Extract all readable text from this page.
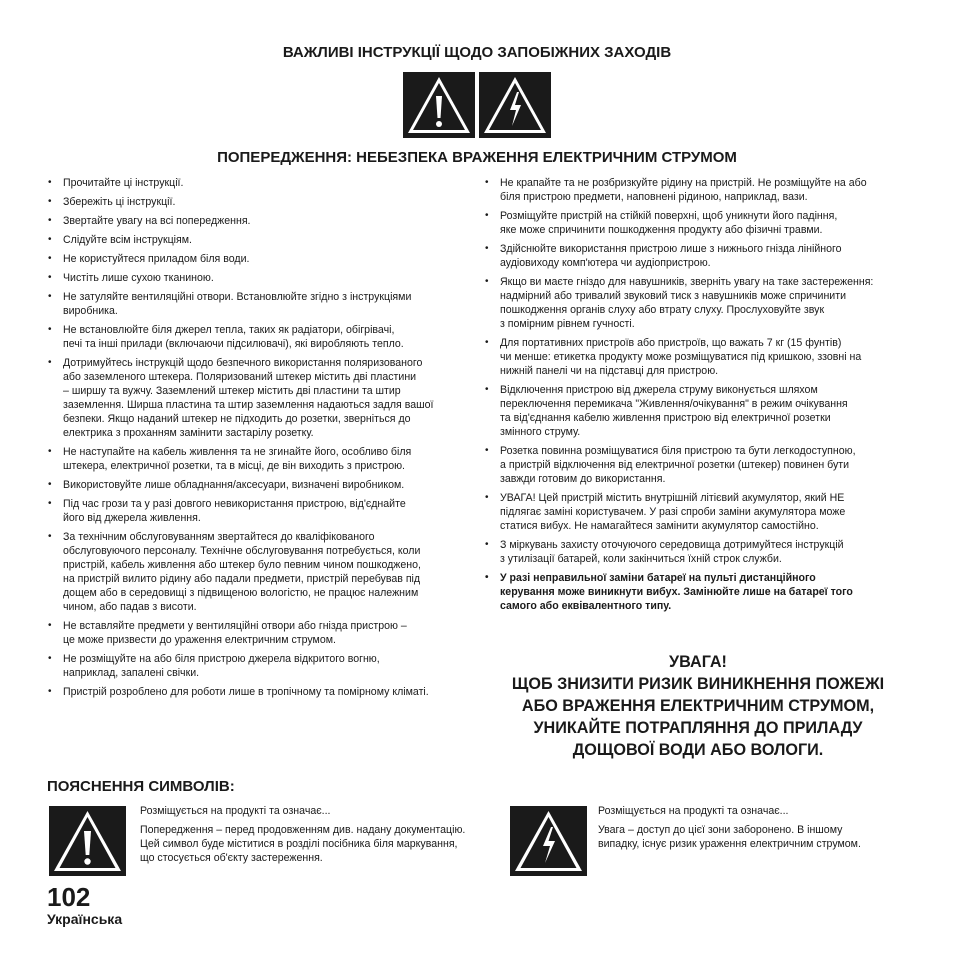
ВАЖЛИВІ ІНСТРУКЦІЇ ЩОДО ЗАПОБІЖНИХ ЗАХОДІВ
ПОПЕРЕДЖЕННЯ: НЕБЕЗПЕКА ВРАЖЕННЯ ЕЛЕКТРИЧНИМ СТРУМОМ
• Прочитайте ці інструкції.
• Збережіть ці інструкції.
• Звертайте увагу на всі попередження.
• Слідуйте всім інструкціям.
• Не користуйтеся приладом біля води.
• Чистіть лише сухою тканиною.
• Не затуляйте вентиляційні отвори. Встановлюйте згідно з інструкціями
виробника.
• Не встановлюйте біля джерел тепла, таких як радіатори, обігрівачі,
печі та інші прилади (включаючи підсилювачі), які виробляють тепло.
• Дотримуйтесь інструкцій щодо безпечного використання поляризованого
або заземленого штекера. Поляризований штекер містить дві пластини
– ширшу та вужчу. Заземлений штекер містить дві пластини та штир
заземлення. Ширша пластина та штир заземлення надаються задля вашої
безпеки. Якщо наданий штекер не підходить до розетки, зверніться до
електрика з проханням замінити застарілу розетку.
• Не наступайте на кабель живлення та не згинайте його, особливо біля
штекера, електричної розетки, та в місці, де він виходить з пристрою.
• Використовуйте лише обладнання/аксесуари, визначені виробником.
• Під час грози та у разі довгого невикористання пристрою, від'єднайте
його від джерела живлення.
• За технічним обслуговуванням звертайтеся до кваліфікованого
обслуговуючого персоналу. Технічне обслуговування потребується, коли
пристрій, кабель живлення або штекер було певним чином пошкоджено,
на пристрій вилито рідину або падали предмети, пристрій перебував під
дощем або в середовищі з підвищеною вологістю, не працює належним
чином, або падав з висоти.
• Не вставляйте предмети у вентиляційні отвори або гнізда пристрою –
це може призвести до ураження електричним струмом.
• Не розміщуйте на або біля пристрою джерела відкритого вогню,
наприклад, запалені свічки.
• Пристрій розроблено для роботи лише в тропічному та помірному кліматі.
• Не крапайте та не розбризкуйте рідину на пристрій. Не розміщуйте на або
біля пристрою предмети, наповнені рідиною, наприклад, вази.
• Розміщуйте пристрій на стійкій поверхні, щоб уникнути його падіння,
яке може спричинити пошкодження продукту або фізичні травми.
• Здійснюйте використання пристрою лише з нижнього гнізда лінійного
аудіовиходу комп'ютера чи аудіопристрою.
• Якщо ви маєте гніздо для навушників, зверніть увагу на таке застереження:
надмірний або тривалий звуковий тиск з навушників може спричинити
пошкодження органів слуху або втрату слуху. Прослуховуйте звук
з помірним рівнем гучності.
• Для портативних пристроїв або пристроїв, що важать 7 кг (15 фунтів)
чи менше: етикетка продукту може розміщуватися під кришкою, ззовні на
нижній панелі чи на підставці для пристрою.
• Відключення пристрою від джерела струму виконується шляхом
переключення перемикача "Живлення/очікування" в режим очікування
та від'єднання кабелю живлення пристрою від електричної розетки
змінного струму.
• Розетка повинна розміщуватися біля пристрою та бути легкодоступною,
а пристрій відключення від електричної розетки (штекер) повинен бути
завжди готовим до використання.
• УВАГА! Цей пристрій містить внутрішній літієвий акумулятор, який НЕ
підлягає заміні користувачем. У разі спроби заміни акумулятора може
статися вибух. Не намагайтеся замінити акумулятор самостійно.
• З міркувань захисту оточуючого середовища дотримуйтеся інструкцій
з утилізації батарей, коли закінчиться їхній строк служби.
• У разі неправильної заміни батареї на пульті дистанційного
керування може виникнути вибух. Замінюйте лише на батареї того
самого або еквівалентного типу.
УВАГА!
ЩОБ ЗНИЗИТИ РИЗИК ВИНИКНЕННЯ ПОЖЕЖІ
АБО ВРАЖЕННЯ ЕЛЕКТРИЧНИМ СТРУМОМ,
УНИКАЙТЕ ПОТРАПЛЯННЯ ДО ПРИЛАДУ
ДОЩОВОЇ ВОДИ АБО ВОЛОГИ.
ПОЯСНЕННЯ СИМВОЛІВ:

Розміщується на продукті та означає...

Попередження – перед продовженням див. надану документацію.
Цей символ буде міститися в розділі посібника біля маркування,
що стосується об'єкту застереження.

Розміщується на продукті та означає...

Увага – доступ до цієї зони заборонено. В іншому
випадку, існує ризик ураження електричним струмом.

102
Українська
